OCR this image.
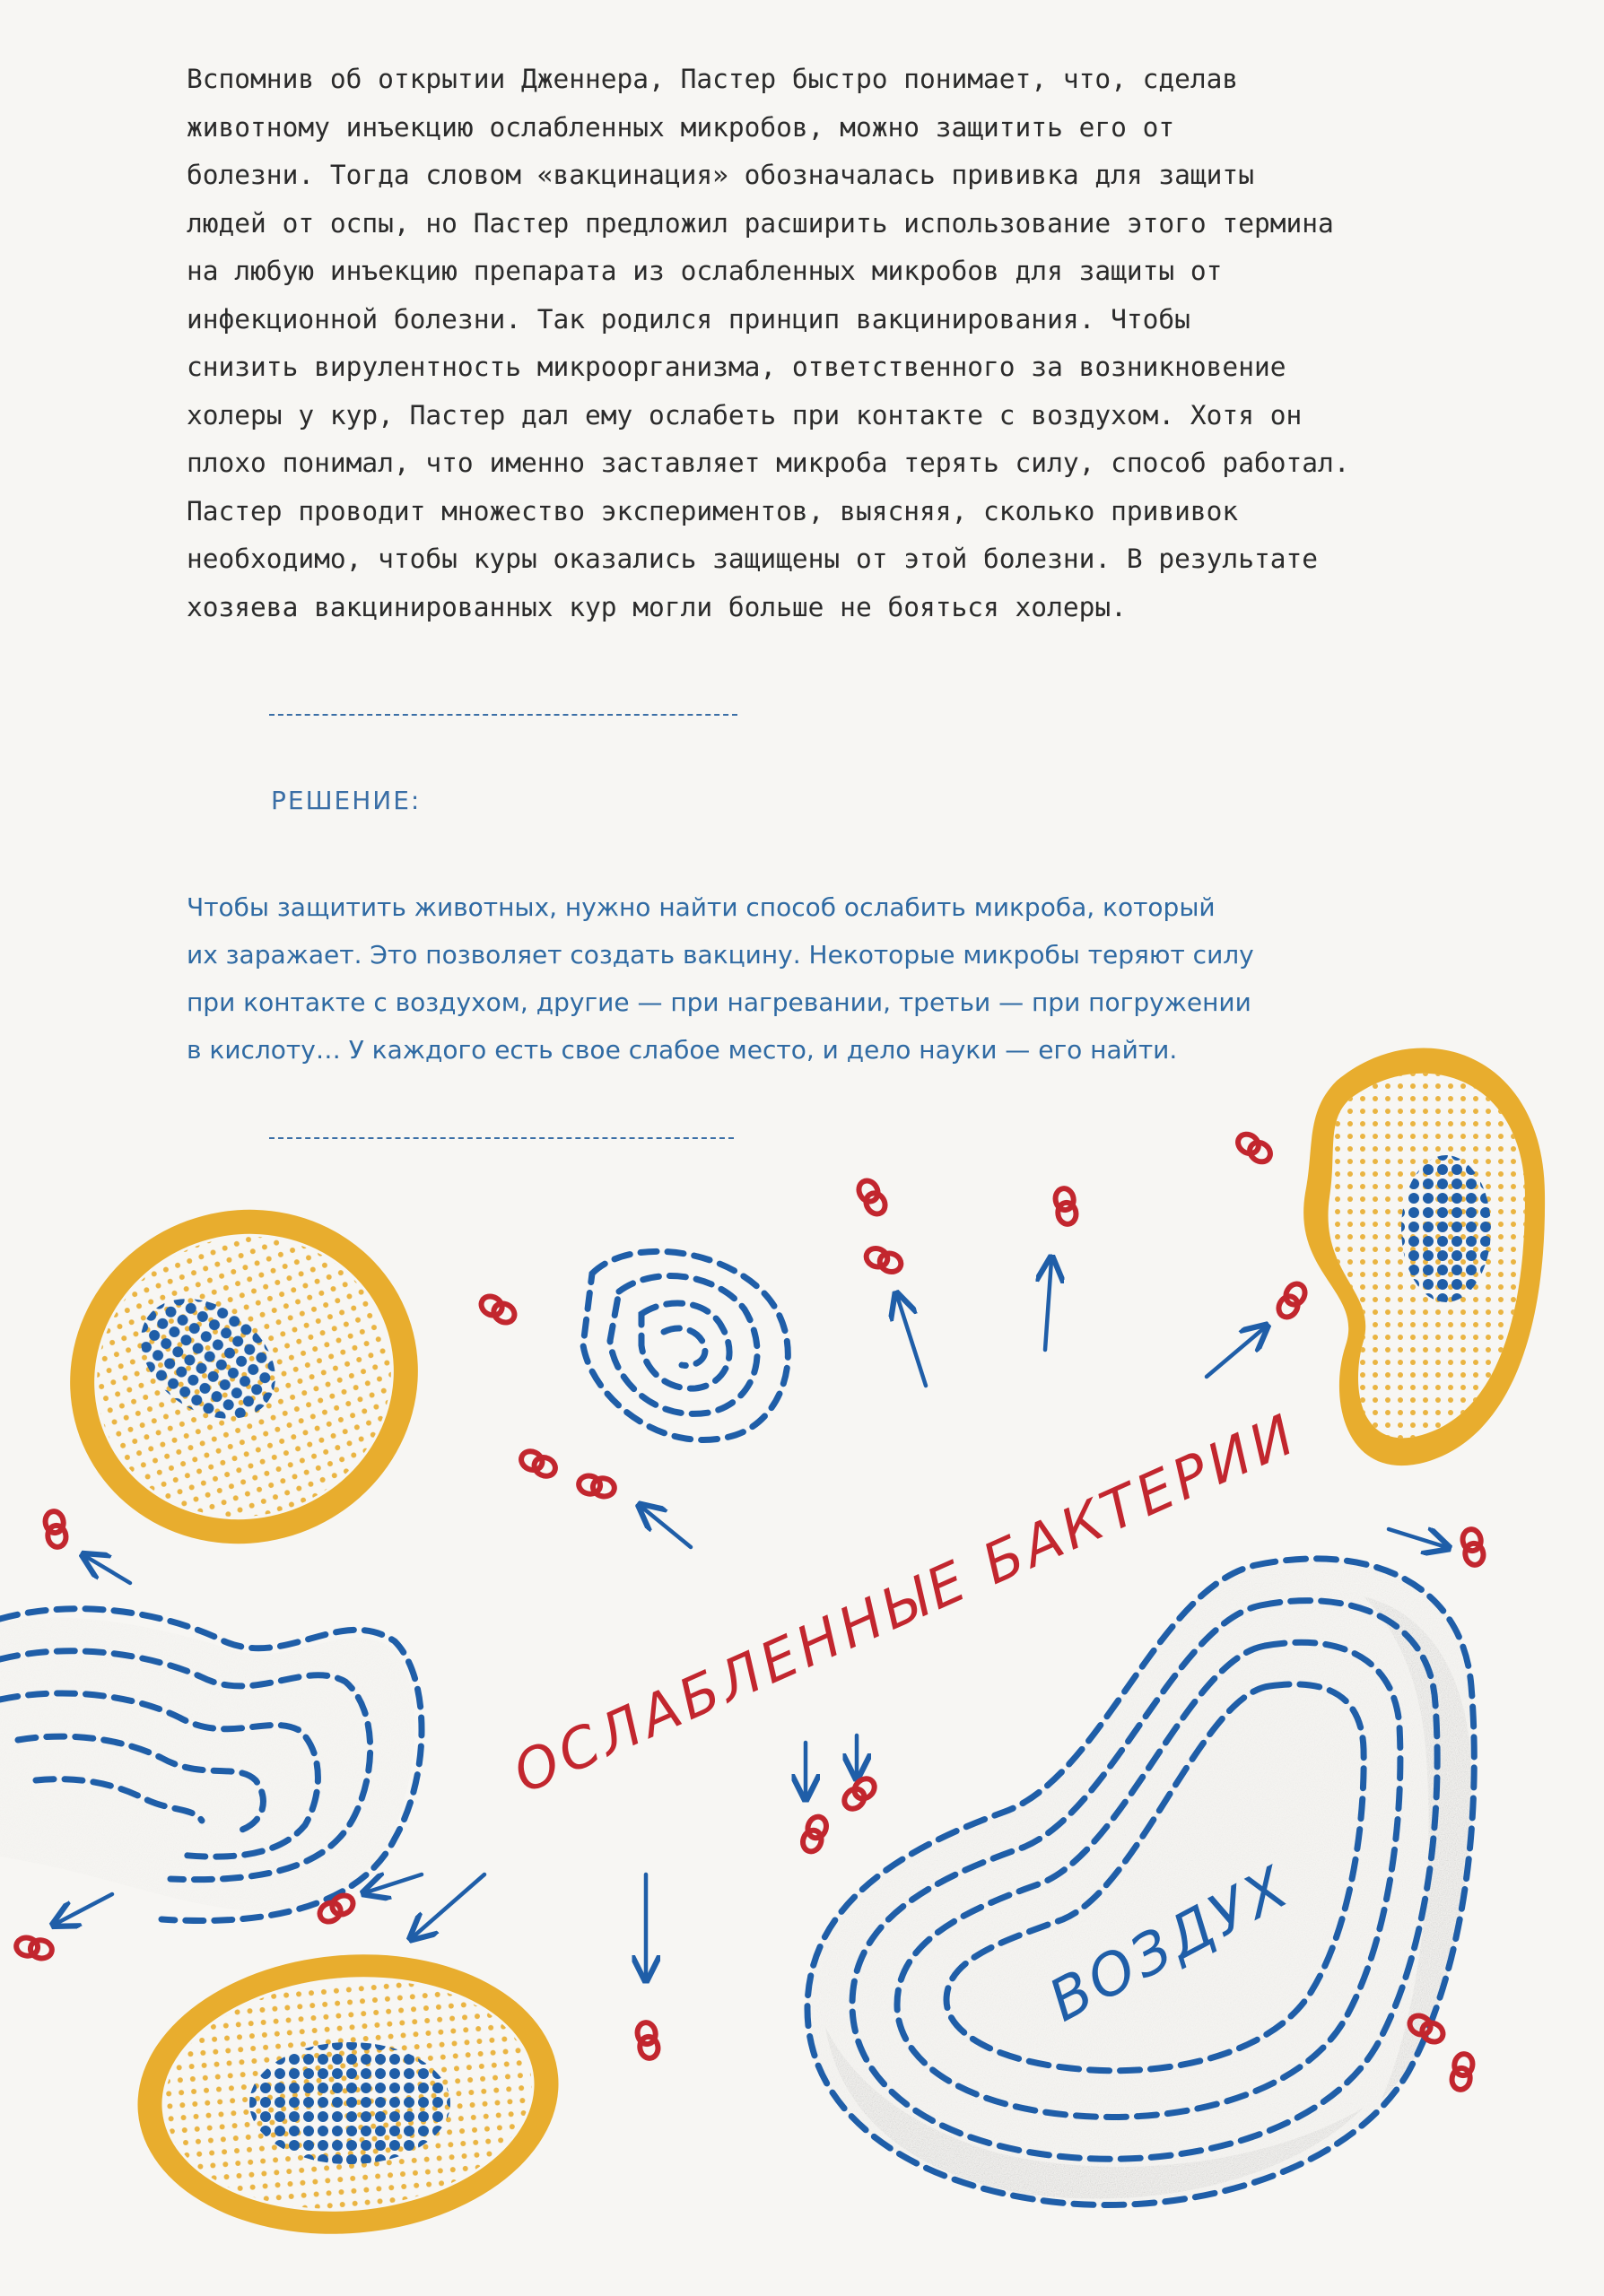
Вспомнив об открытии Дженнера, Пастер быстро понимает, что, сделав
животному инъекцию ослабленных микробов, можно защитить его от
болезни. Тогда словом «вакцинация» обозначалась прививка для защиты
людей от оспы, но Пастер предложил расширить использование этого термина
на любую инъекцию препарата из ослабленных микробов для защиты от
инфекционной болезни. Так родился принцип вакцинирования. Чтобы
снизить вирулентность микроорганизма, ответственного за возникновение
холеры у кур, Пастер дал ему ослабеть при контакте с воздухом. Хотя он
плохо понимал, что именно заставляет микроба терять силу, способ работал.
Пастер проводит множество экспериментов, выясняя, сколько прививок
необходимо, чтобы куры оказались защищены от этой болезни. В результате
хозяева вакцинированных кур могли больше не бояться холеры.
РЕШЕНИЕ:
Чтобы защитить животных, нужно найти способ ослабить микроба, который
их заражает. Это позволяет создать вакцину. Некоторые микробы теряют силу
при контакте с воздухом, другие — при нагревании, третьи — при погружении
в кислоту… У каждого есть свое слабое место, и дело науки — его найти.
ВОЗДУХ
ОСЛАБЛЕННЫЕ БАКТЕРИИ
